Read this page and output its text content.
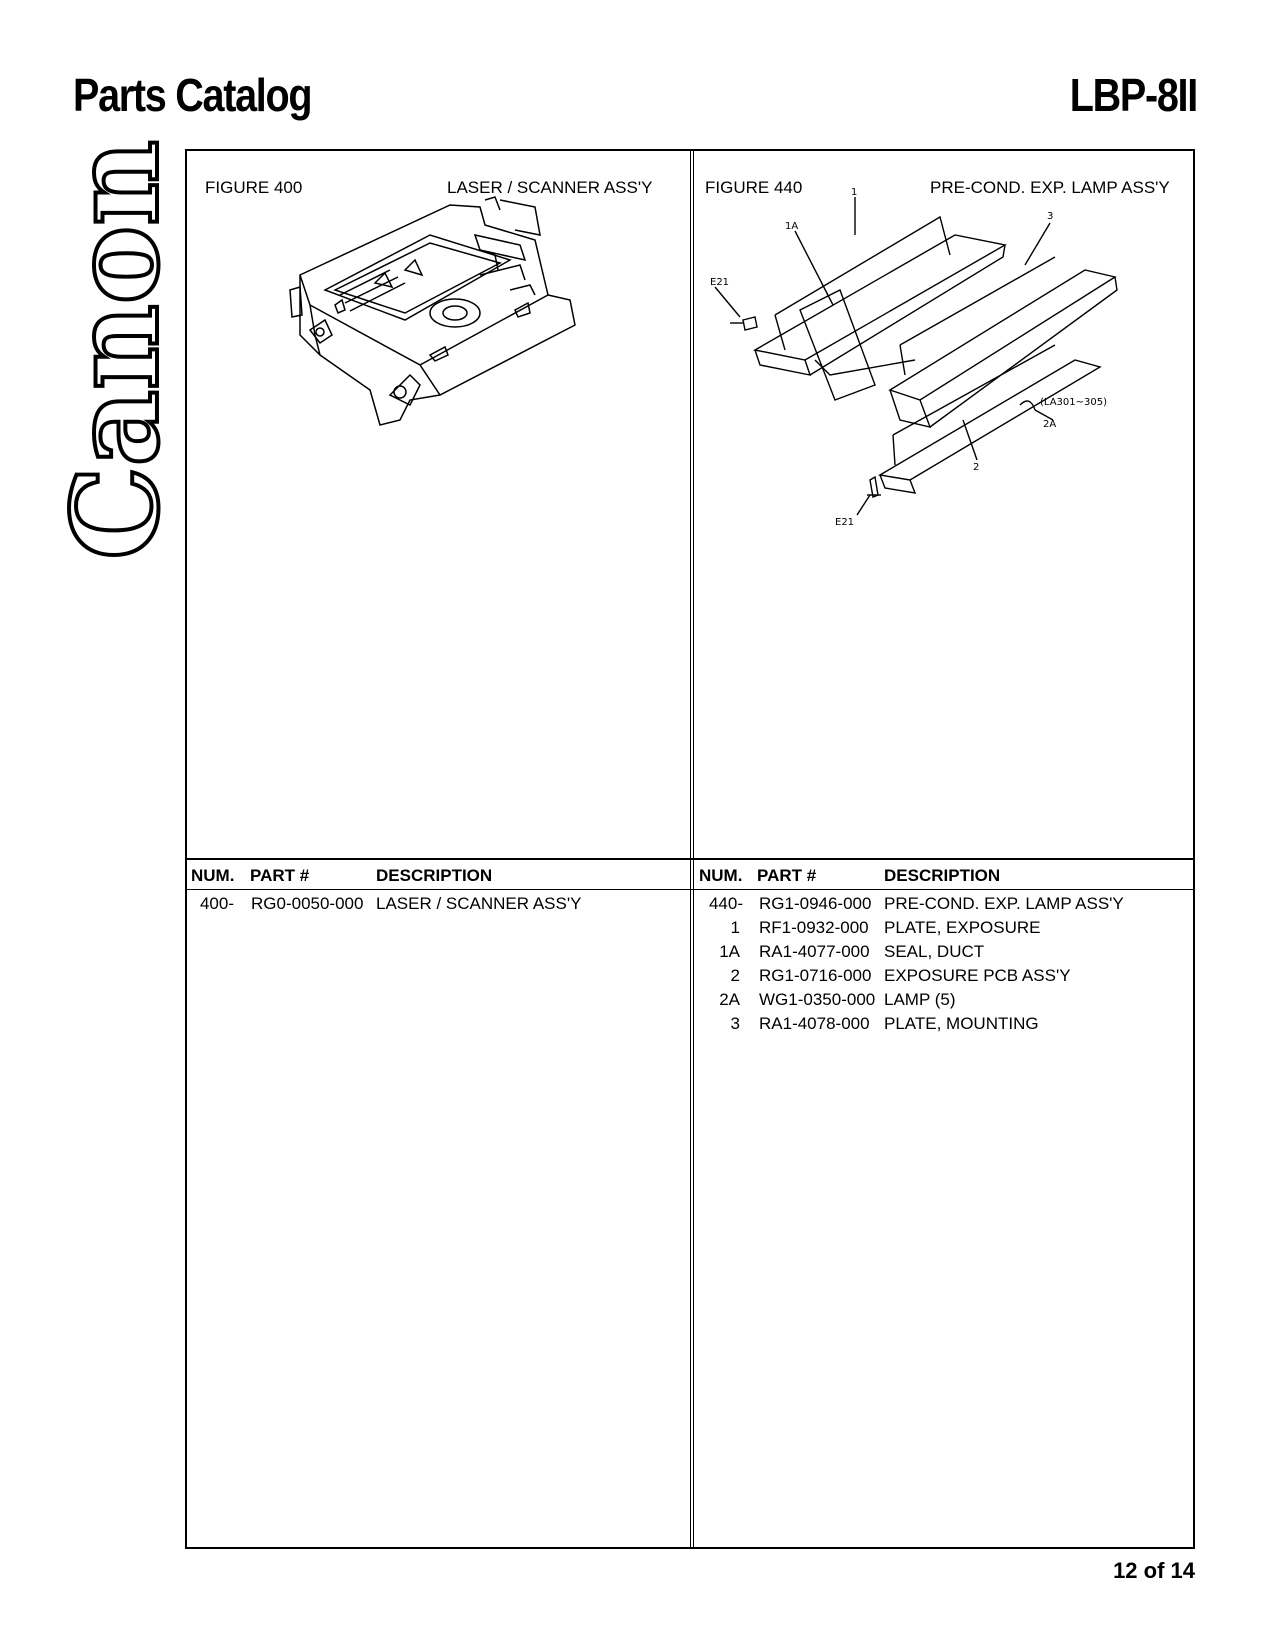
Parts Catalog	LBP-8II
Canon FIGURE 400	LASER / SCANNER ASS'Y	FIGURE 440	PRE-COND. EXP. LAMP ASS'Y
1
1A
3
E21
(LA301~305)
2A
2
E21
NUM. PART #	DESCRIPTION	NUM. PART #	DESCRIPTION
400- RG0-0050-000 LASER / SCANNER ASS'Y	440- RG1-0946-000 PRE-COND. EXP. LAMP ASS'Y
1 RF1-0932-000 PLATE, EXPOSURE
1A RA1-4077-000 SEAL, DUCT
2 RG1-0716-000 EXPOSURE PCB ASS'Y
2A WG1-0350-000 LAMP (5)
3 RA1-4078-000 PLATE, MOUNTING
12 of 14
